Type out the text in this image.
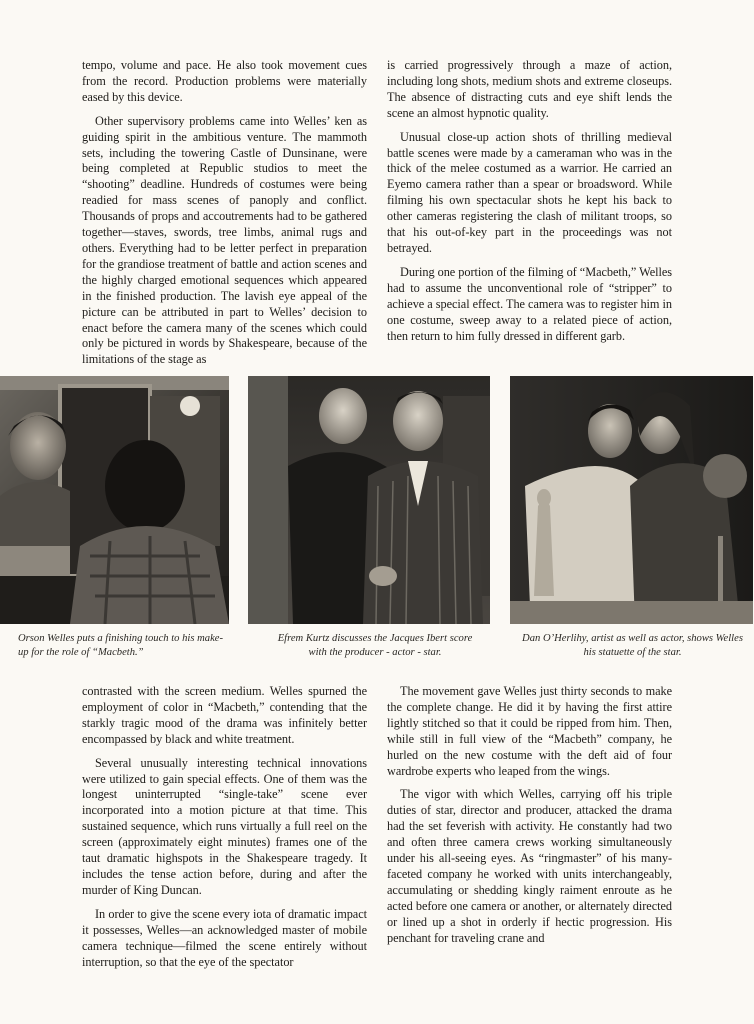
tempo, volume and pace. He also took movement cues from the record. Production problems were materially eased by this device.

Other supervisory problems came into Welles’ ken as guiding spirit in the ambitious venture. The mammoth sets, including the towering Castle of Dunsinane, were being completed at Republic studios to meet the “shooting” deadline. Hundreds of costumes were being readied for mass scenes of panoply and conflict. Thousands of props and accoutrements had to be gathered together—staves, swords, tree limbs, animal rugs and others. Everything had to be letter perfect in preparation for the grandiose treatment of battle and action scenes and the highly charged emotional sequences which appeared in the finished production. The lavish eye appeal of the picture can be attributed in part to Welles’ decision to enact before the camera many of the scenes which could only be pictured in words by Shakespeare, because of the limitations of the stage as

is carried progressively through a maze of action, including long shots, medium shots and extreme closeups. The absence of distracting cuts and eye shift lends the scene an almost hypnotic quality.

Unusual close-up action shots of thrilling medieval battle scenes were made by a cameraman who was in the thick of the melee costumed as a warrior. He carried an Eyemo camera rather than a spear or broadsword. While filming his own spectacular shots he kept his back to other cameras registering the clash of militant troops, so that his out-of-key part in the proceedings was not betrayed.

During one portion of the filming of “Macbeth,” Welles had to assume the unconventional role of “stripper” to achieve a special effect. The camera was to register him in one costume, sweep away to a related piece of action, then return to him fully dressed in different garb.

Orson Welles puts a finishing touch to his make-up for the role of “Macbeth.”
Efrem Kurtz discusses the Jacques Ibert score with the producer - actor - star.
Dan O’Herlihy, artist as well as actor, shows Welles his statuette of the star.

contrasted with the screen medium. Welles spurned the employment of color in “Macbeth,” contending that the starkly tragic mood of the drama was infinitely better encompassed by black and white treatment.

Several unusually interesting technical innovations were utilized to gain special effects. One of them was the longest uninterrupted “single-take” scene ever incorporated into a motion picture at that time. This sustained sequence, which runs virtually a full reel on the screen (approximately eight minutes) frames one of the taut dramatic highspots in the Shakespeare tragedy. It includes the tense action before, during and after the murder of King Duncan.

In order to give the scene every iota of dramatic impact it possesses, Welles—an acknowledged master of mobile camera technique—filmed the scene entirely without interruption, so that the eye of the spectator

The movement gave Welles just thirty seconds to make the complete change. He did it by having the first attire lightly stitched so that it could be ripped from him. Then, while still in full view of the “Macbeth” company, he hurled on the new costume with the deft aid of four wardrobe experts who leaped from the wings.

The vigor with which Welles, carrying off his triple duties of star, director and producer, attacked the drama had the set feverish with activity. He constantly had two and often three camera crews working simultaneously under his all-seeing eyes. As “ringmaster” of his many-faceted company he worked with units interchangeably, accumulating or shedding kingly raiment enroute as he acted before one camera or another, or alternately directed or lined up a shot in orderly if hectic progression. His penchant for traveling crane and
